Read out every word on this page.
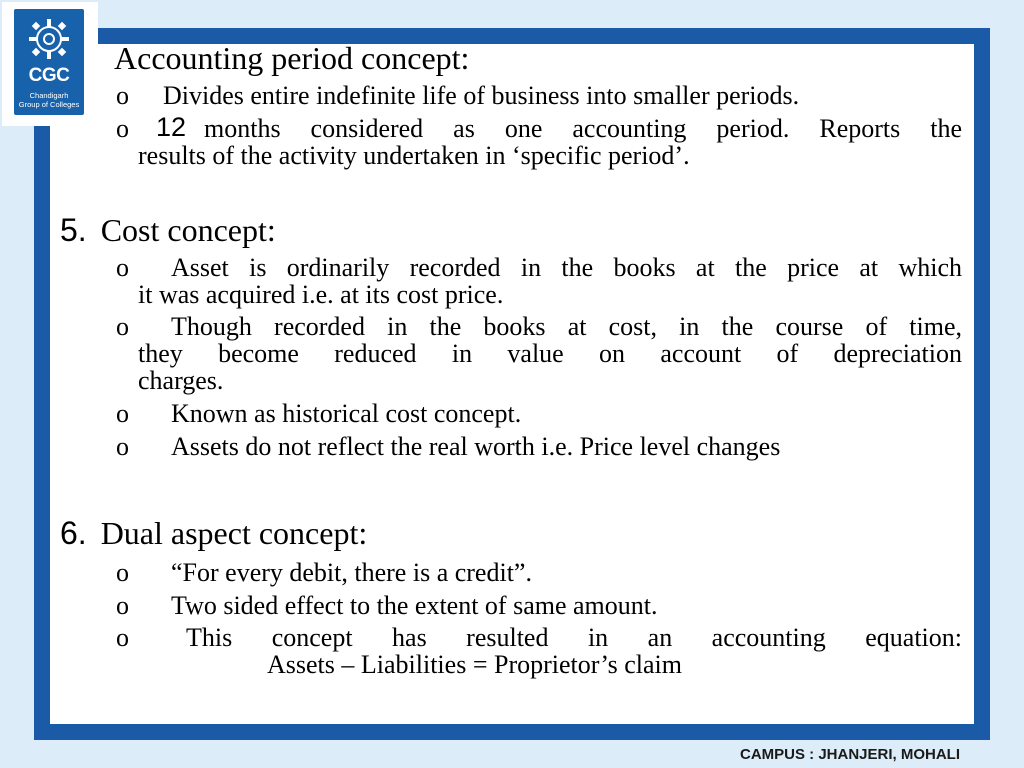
CGC
Chandigarh
Group of Colleges
Accounting period concept:
o Divides entire indefinite life of business into smaller periods.
o 12 months considered as one accounting period. Reports the
results of the activity undertaken in ‘specific period’.
5. Cost concept:
o Asset is ordinarily recorded in the books at the price at which
it was acquired i.e. at its cost price.
o Though recorded in the books at cost, in the course of time,
they become reduced in value on account of depreciation
charges.
o Known as historical cost concept.
o Assets do not reflect the real worth i.e. Price level changes
6. Dual aspect concept:
o “For every debit, there is a credit”.
o Two sided effect to the extent of same amount.
o This concept has resulted in an accounting equation:
Assets – Liabilities = Proprietor’s claim
CAMPUS : JHANJERI, MOHALI
